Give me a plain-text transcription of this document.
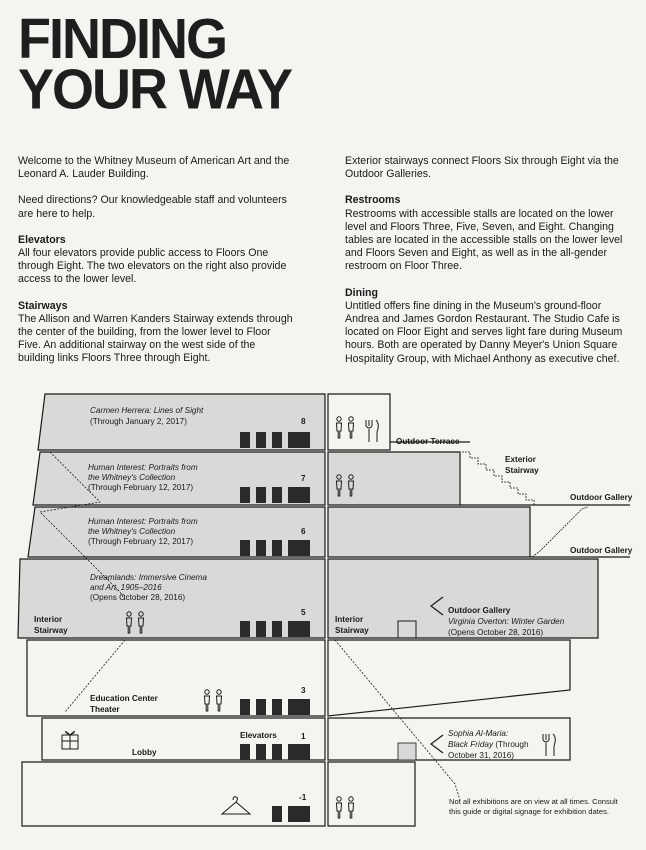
FINDING
YOUR WAY

Welcome to the Whitney Museum of American Art and the Leonard A. Lauder Building.

Need directions? Our knowledgeable staff and volunteers are here to help.

Elevators

All four elevators provide public access to Floors One through Eight. The two elevators on the right also provide access to the lower level.

Stairways

The Allison and Warren Kanders Stairway extends through the center of the building, from the lower level to Floor Five. An additional stairway on the west side of the building links Floors Three through Eight.

Exterior stairways connect Floors Six through Eight via the Outdoor Galleries.

Restrooms

Restrooms with accessible stalls are located on the lower level and Floors Three, Five, Seven, and Eight. Changing tables are located in the accessible stalls on the lower level and Floors Seven and Eight, as well as in the all-gender restroom on Floor Three.

Dining

Untitled offers fine dining in the Museum's ground-floor Andrea and James Gordon Restaurant. The Studio Cafe is located on Floor Eight and serves light fare during Museum hours. Both are operated by Danny Meyer's Union Square Hospitality Group, with Michael Anthony as executive chef.

8
7
6
5
3
1
-1
Carmen Herrera: Lines of Sight
(Through January 2, 2017)
Human Interest: Portraits from
the Whitney's Collection
(Through February 12, 2017)
Human Interest: Portraits from
the Whitney's Collection
(Through February 12, 2017)
Dreamlands: Immersive Cinema
and Art, 1905–2016
(Opens October 28, 2016)
Outdoor Terrace
Exterior
Stairway
Outdoor Gallery
Outdoor Gallery
Interior
Stairway
Interior
Stairway
Outdoor Gallery
Virginia Overton: Winter Garden
(Opens October 28, 2016)
Education Center
Theater
Elevators
Lobby
Sophia Al-Maria:
Black Friday (Through
October 31, 2016)
Not all exhibitions are on view at all times. Consult this guide or digital signage for exhibition dates.
